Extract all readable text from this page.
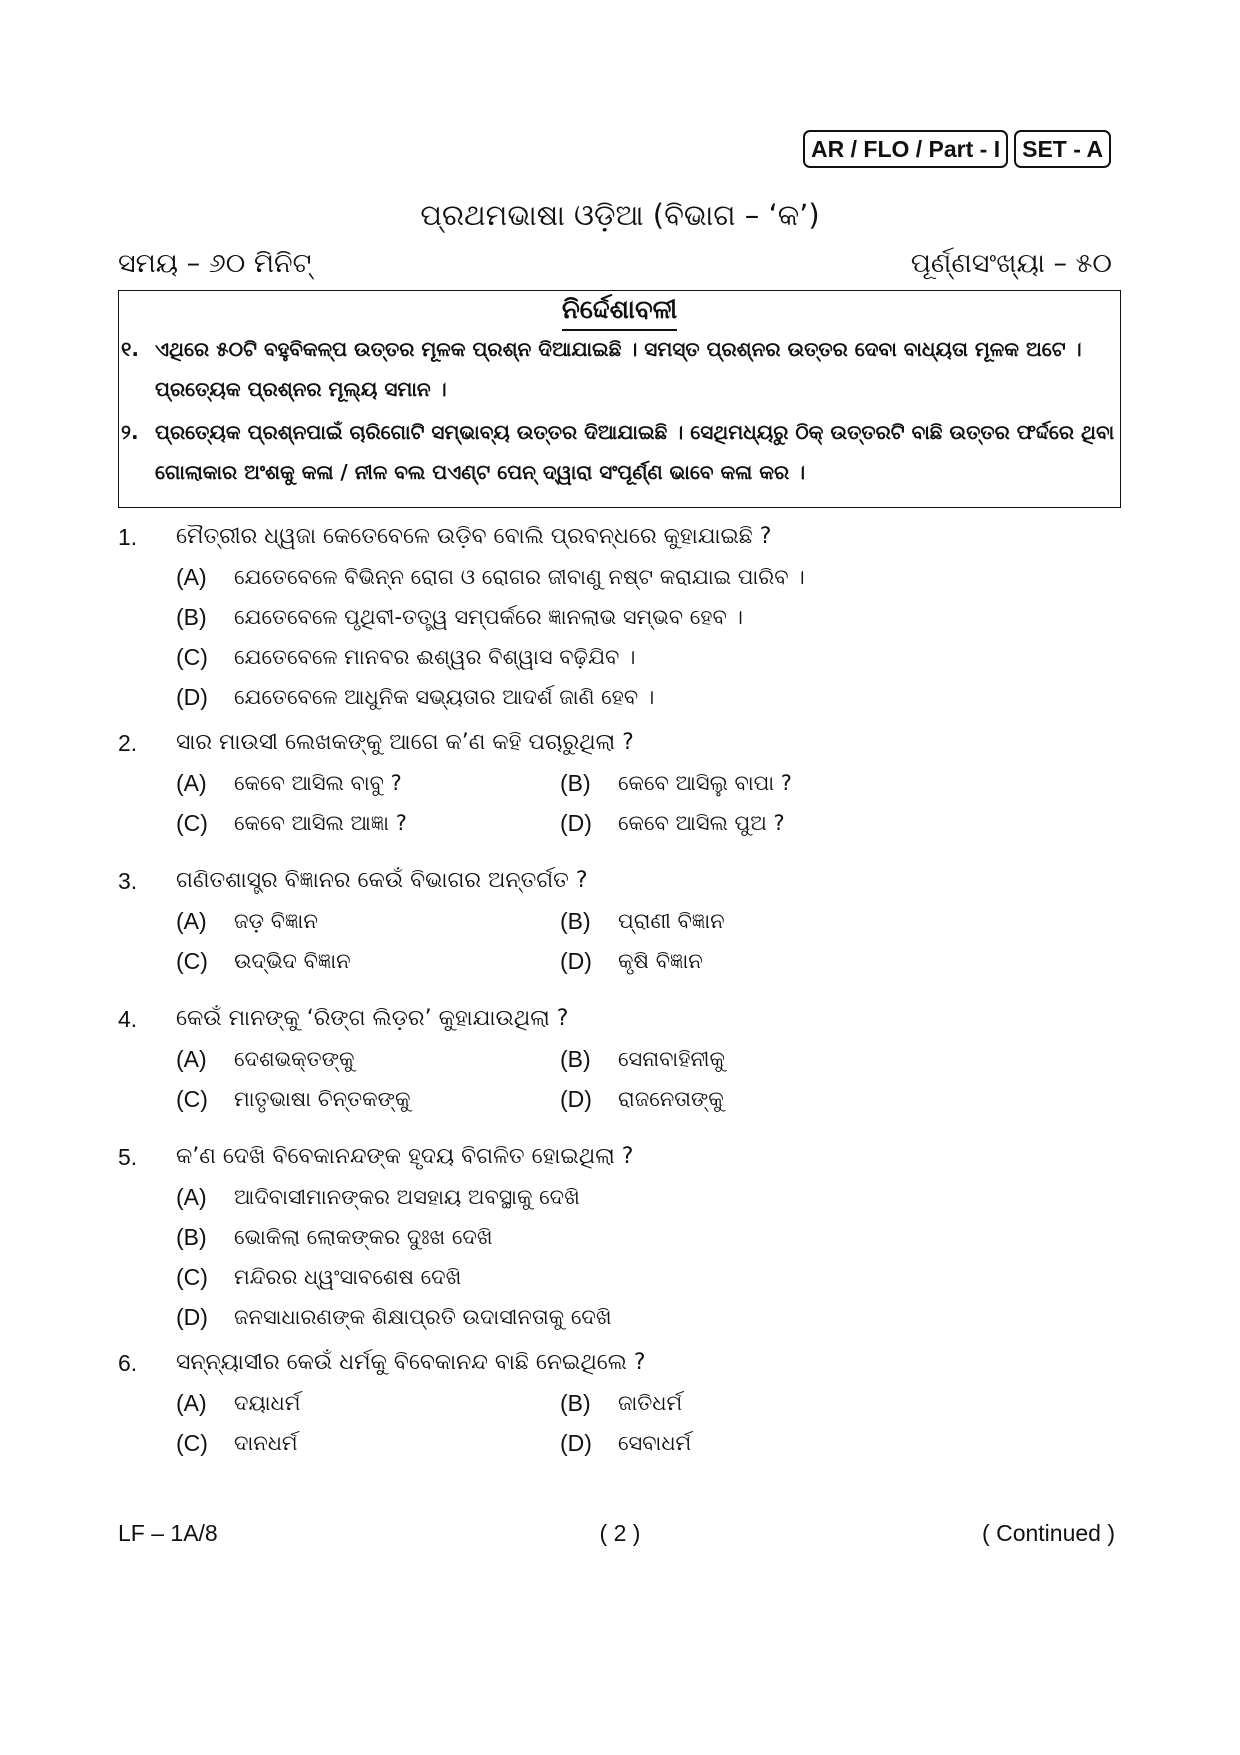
AR / FLO / Part - I SET - A
ପ୍ରଥମଭାଷା ଓଡ଼ିଆ (ବିଭାଗ – ‘କ’)
ସମୟ – ୬୦ ମିନିଟ୍	ପୂର୍ଣ୍ଣସଂଖ୍ୟା – ୫୦
ନିର୍ଦ୍ଦେଶାବଳୀ
୧. ଏଥିରେ ୫୦ଟି ବହୁବିକଳ୍ପ ଉତ୍ତର ମୂଳକ ପ୍ରଶ୍ନ ଦିଆଯାଇଛି । ସମସ୍ତ ପ୍ରଶ୍ନର ଉତ୍ତର ଦେବା ବାଧ୍ୟତା ମୂଳକ ଅଟେ । ପ୍ରତ୍ୟେକ ପ୍ରଶ୍ନର ମୂଲ୍ୟ ସମାନ ।
୨. ପ୍ରତ୍ୟେକ ପ୍ରଶ୍ନପାଇଁ ଚାରିଗୋଟି ସମ୍ଭାବ୍ୟ ଉତ୍ତର ଦିଆଯାଇଛି । ସେଥିମଧ୍ୟରୁ ଠିକ୍ ଉତ୍ତରଟି ବାଛି ଉତ୍ତର ଫର୍ଦ୍ଦରେ ଥିବା ଗୋଲାକାର ଅଂଶକୁ କଳା / ନୀଳ ବଲ ପଏଣ୍ଟ ପେନ୍ ଦ୍ୱାରା ସଂପୂର୍ଣ୍ଣ ଭାବେ କଳା କର ।
1.	ମୈତ୍ରୀର ଧ୍ୱଜା କେତେବେଳେ ଉଡ଼ିବ ବୋଲି ପ୍ରବନ୍ଧରେ କୁହାଯାଇଛି ?
(A)	ଯେତେବେଳେ ବିଭିନ୍ନ ରୋଗ ଓ ରୋଗର ଜୀବାଣୁ ନଷ୍ଟ କରାଯାଇ ପାରିବ ।
(B)	ଯେତେବେଳେ ପୃଥିବୀ-ତତ୍ତ୍ୱ ସମ୍ପର୍କରେ ଜ୍ଞାନଲାଭ ସମ୍ଭବ ହେବ ।
(C)	ଯେତେବେଳେ ମାନବର ଈଶ୍ୱର ବିଶ୍ୱାସ ବଢ଼ିଯିବ ।
(D)	ଯେତେବେଳେ ଆଧୁନିକ ସଭ୍ୟତାର ଆଦର୍ଶ ଜାଣି ହେବ ।
2.	ସାର ମାଉସୀ ଲେଖକଙ୍କୁ ଆଗେ କ’ଣ କହି ପଚାରୁଥିଲା ?
(A)	କେବେ ଆସିଲ ବାବୁ ?	(B)	କେବେ ଆସିଲୁ ବାପା ?
(C)	କେବେ ଆସିଲ ଆଜ୍ଞା ?	(D)	କେବେ ଆସିଲ ପୁଅ ?
3.	ଗଣିତଶାସ୍ତ୍ର ବିଜ୍ଞାନର କେଉଁ ବିଭାଗର ଅନ୍ତର୍ଗତ ?
(A)	ଜଡ଼ ବିଜ୍ଞାନ	(B)	ପ୍ରାଣୀ ବିଜ୍ଞାନ
(C)	ଉଦ୍ଭିଦ ବିଜ୍ଞାନ	(D)	କୃଷି ବିଜ୍ଞାନ
4.	କେଉଁ ମାନଙ୍କୁ ‘ରିଙ୍ଗ ଲିଡ଼ର’ କୁହାଯାଉଥିଲା ?
(A)	ଦେଶଭକ୍ତଙ୍କୁ	(B)	ସେନାବାହିନୀକୁ
(C)	ମାତୃଭାଷା ଚିନ୍ତକଙ୍କୁ	(D)	ରାଜନେତାଙ୍କୁ
5.	କ’ଣ ଦେଖି ବିବେକାନନ୍ଦଙ୍କ ହୃଦୟ ବିଗଳିତ ହୋଇଥିଲା ?
(A)	ଆଦିବାସୀମାନଙ୍କର ଅସହାୟ ଅବସ୍ଥାକୁ ଦେଖି
(B)	ଭୋକିଲା ଲୋକଙ୍କର ଦୁଃଖ ଦେଖି
(C)	ମନ୍ଦିରର ଧ୍ୱଂସାବଶେଷ ଦେଖି
(D)	ଜନସାଧାରଣଙ୍କ ଶିକ୍ଷାପ୍ରତି ଉଦାସୀନତାକୁ ଦେଖି
6.	ସନ୍ନ୍ୟାସୀର କେଉଁ ଧର୍ମକୁ ବିବେକାନନ୍ଦ ବାଛି ନେଇଥିଲେ ?
(A)	ଦୟାଧର୍ମ	(B)	ଜାତିଧର୍ମ
(C)	ଦାନଧର୍ମ	(D)	ସେବାଧର୍ମ
LF – 1A/8	( 2 )	( Continued )
